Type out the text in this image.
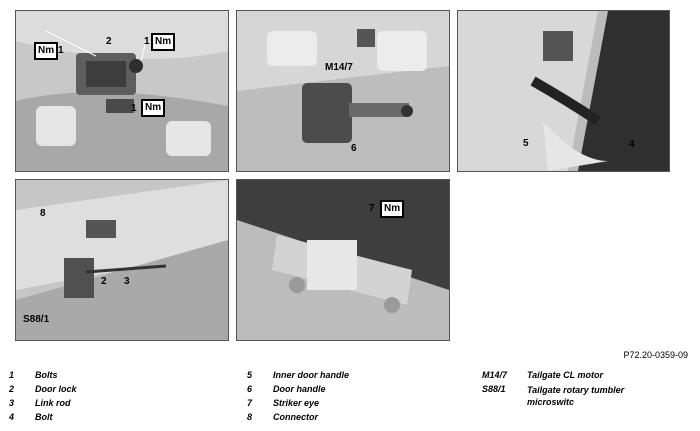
Nm 1
2	1 Nm
1 Nm
M14/7
6	5	4
8
2 3
S88/1
7 Nm
P72.20-0359-09
1 Bolts
2 Door lock
3 Link rod
4 Bolt
5 Inner door handle
6 Door handle
7 Striker eye
8 Connector
M14/7 Tailgate CL motor
S88/1 Tailgate rotary tumbler microswitc
